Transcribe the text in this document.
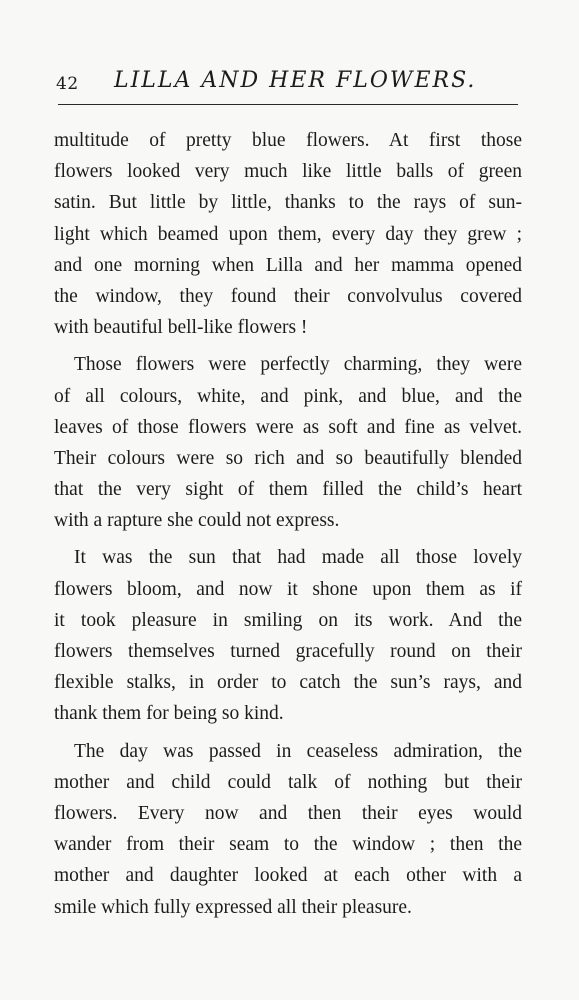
42 LILLA AND HER FLOWERS.
multitude of pretty blue flowers. At first those
flowers looked very much like little balls of green
satin. But little by little, thanks to the rays of sun-
light which beamed upon them, every day they grew ;
and one morning when Lilla and her mamma opened
the window, they found their convolvulus covered
with beautiful bell-like flowers !
Those flowers were perfectly charming, they were
of all colours, white, and pink, and blue, and the
leaves of those flowers were as soft and fine as velvet.
Their colours were so rich and so beautifully blended
that the very sight of them filled the child’s heart
with a rapture she could not express.
It was the sun that had made all those lovely
flowers bloom, and now it shone upon them as if
it took pleasure in smiling on its work. And the
flowers themselves turned gracefully round on their
flexible stalks, in order to catch the sun’s rays, and
thank them for being so kind.
The day was passed in ceaseless admiration, the
mother and child could talk of nothing but their
flowers. Every now and then their eyes would
wander from their seam to the window ; then the
mother and daughter looked at each other with a
smile which fully expressed all their pleasure.
